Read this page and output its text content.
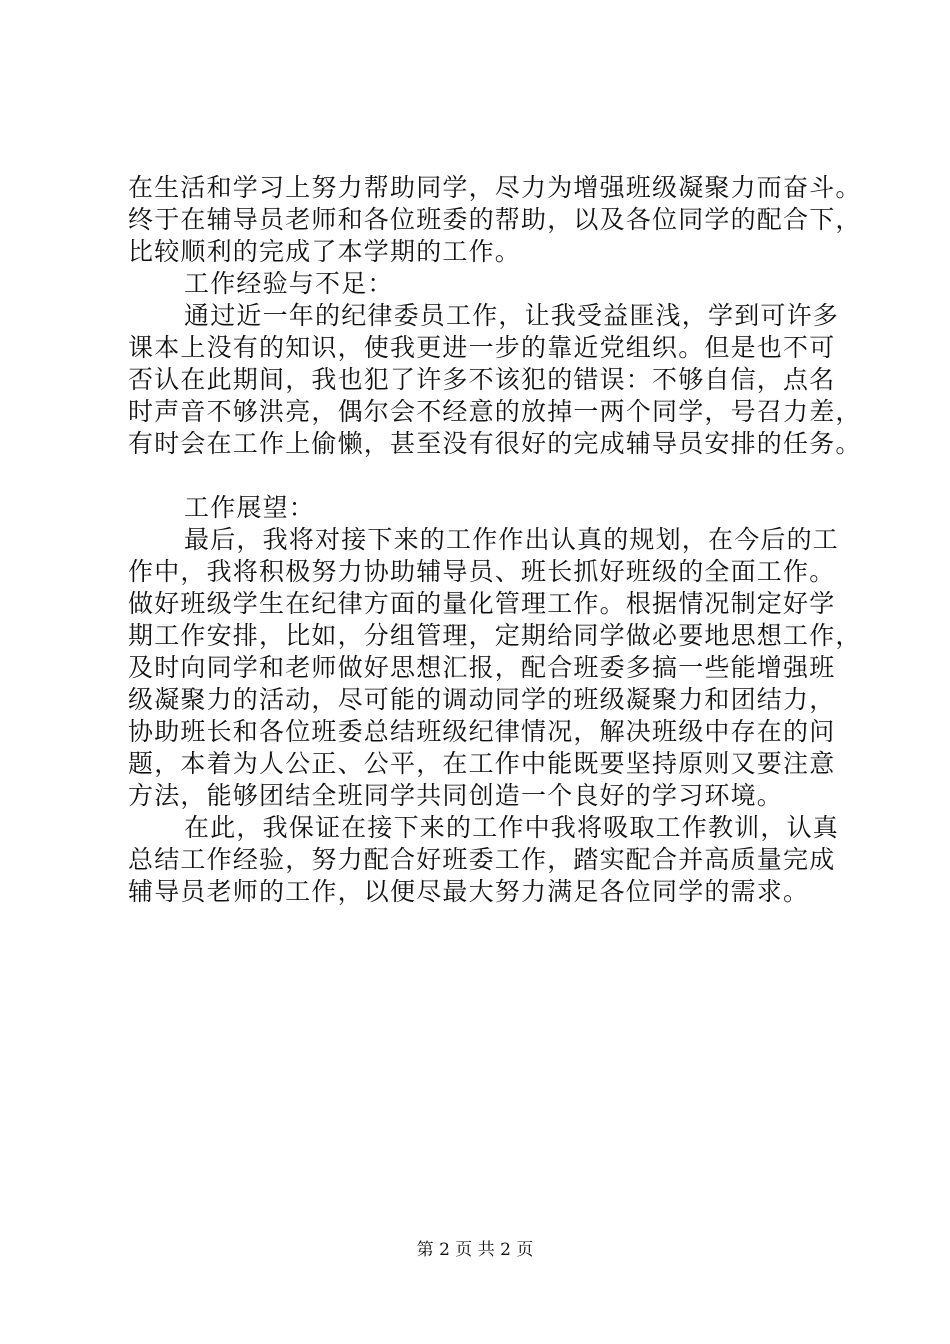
在生活和学习上努力帮助同学，尽力为增强班级凝聚力而奋斗。
终于在辅导员老师和各位班委的帮助，以及各位同学的配合下，
比较顺利的完成了本学期的工作。
工作经验与不足：
通过近一年的纪律委员工作，让我受益匪浅，学到可许多
课本上没有的知识，使我更进一步的靠近党组织。但是也不可
否认在此期间，我也犯了许多不该犯的错误：不够自信，点名
时声音不够洪亮，偶尔会不经意的放掉一两个同学，号召力差，
有时会在工作上偷懒，甚至没有很好的完成辅导员安排的任务。
工作展望：
最后，我将对接下来的工作作出认真的规划，在今后的工
作中，我将积极努力协助辅导员、班长抓好班级的全面工作。
做好班级学生在纪律方面的量化管理工作。根据情况制定好学
期工作安排，比如，分组管理，定期给同学做必要地思想工作，
及时向同学和老师做好思想汇报，配合班委多搞一些能增强班
级凝聚力的活动，尽可能的调动同学的班级凝聚力和团结力，
协助班长和各位班委总结班级纪律情况，解决班级中存在的问
题，本着为人公正、公平，在工作中能既要坚持原则又要注意
方法，能够团结全班同学共同创造一个良好的学习环境。
在此，我保证在接下来的工作中我将吸取工作教训，认真
总结工作经验，努力配合好班委工作，踏实配合并高质量完成
辅导员老师的工作，以便尽最大努力满足各位同学的需求。
第 2 页 共 2 页
